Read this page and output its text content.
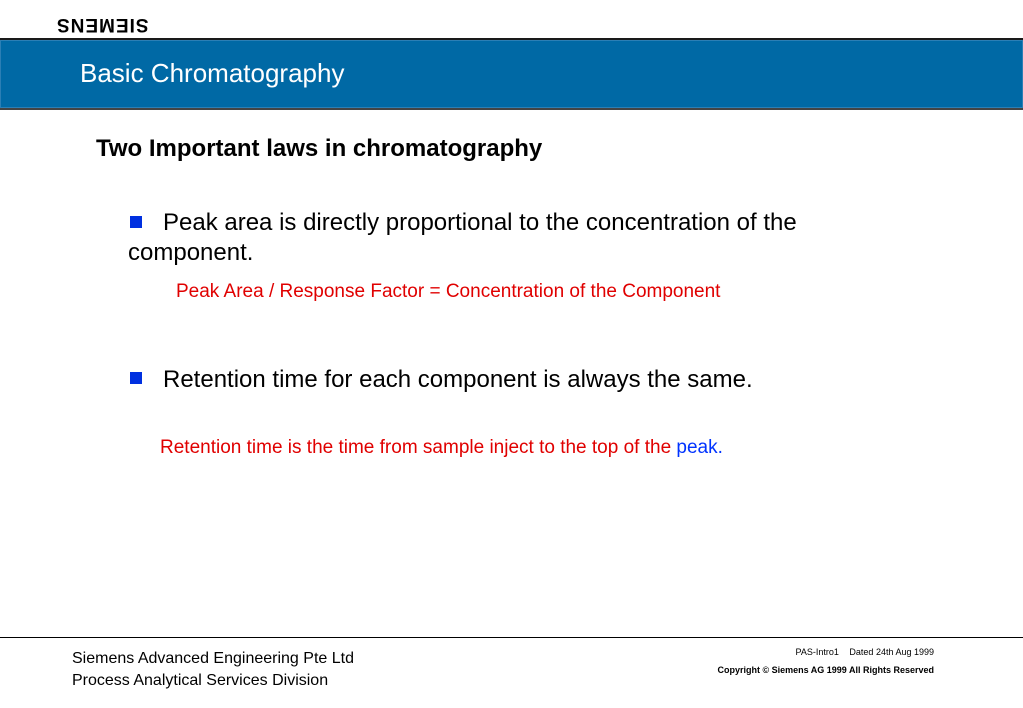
SIEMENS
Basic Chromatography
Two Important laws in chromatography
Peak area is directly proportional to the concentration of the
component.
Peak Area / Response Factor = Concentration of the Component
Retention time for each component is always the same.
Retention time is the time from sample inject to the top of the peak.
Siemens Advanced Engineering Pte Ltd
Process Analytical Services Division
PAS-Intro1 Dated 24th Aug 1999
Copyright © Siemens AG 1999 All Rights Reserved
